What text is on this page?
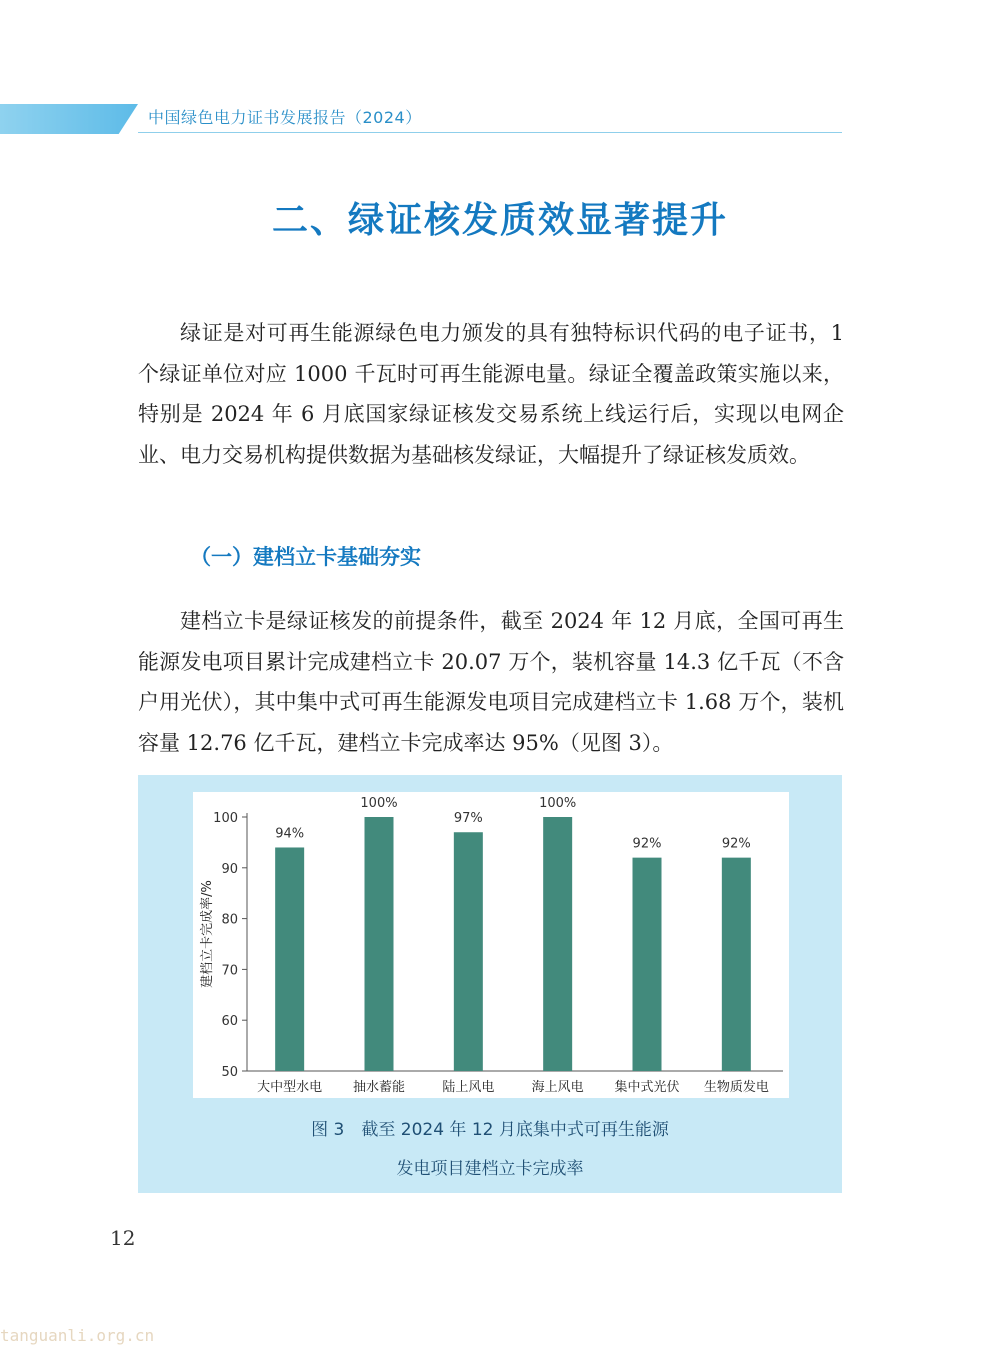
中国绿色电力证书发展报告（2024）
二、绿证核发质效显著提升
绿证是对可再生能源绿色电力颁发的具有独特标识代码的电子证书，1 个绿证单位对应 1000 千瓦时可再生能源电量。绿证全覆盖政策实施以来，特别是 2024 年 6 月底国家绿证核发交易系统上线运行后，实现以电网企业、电力交易机构提供数据为基础核发绿证，大幅提升了绿证核发质效。
（一）建档立卡基础夯实
建档立卡是绿证核发的前提条件，截至 2024 年 12 月底，全国可再生能源发电项目累计完成建档立卡 20.07 万个，装机容量 14.3 亿千瓦（不含户用光伏），其中集中式可再生能源发电项目完成建档立卡 1.68 万个，装机容量 12.76 亿千瓦，建档立卡完成率达 95%（见图 3）。
50
60
70
80
90
100
大中型水电 抽水蓄能	陆上风电	海上风电 集中式光伏 生物质发电
94%
100%
97%
100%
92%	92%
建档立卡完成率/%
图 3　截至 2024 年 12 月底集中式可再生能源
发电项目建档立卡完成率
12
tanguanli.org.cn
